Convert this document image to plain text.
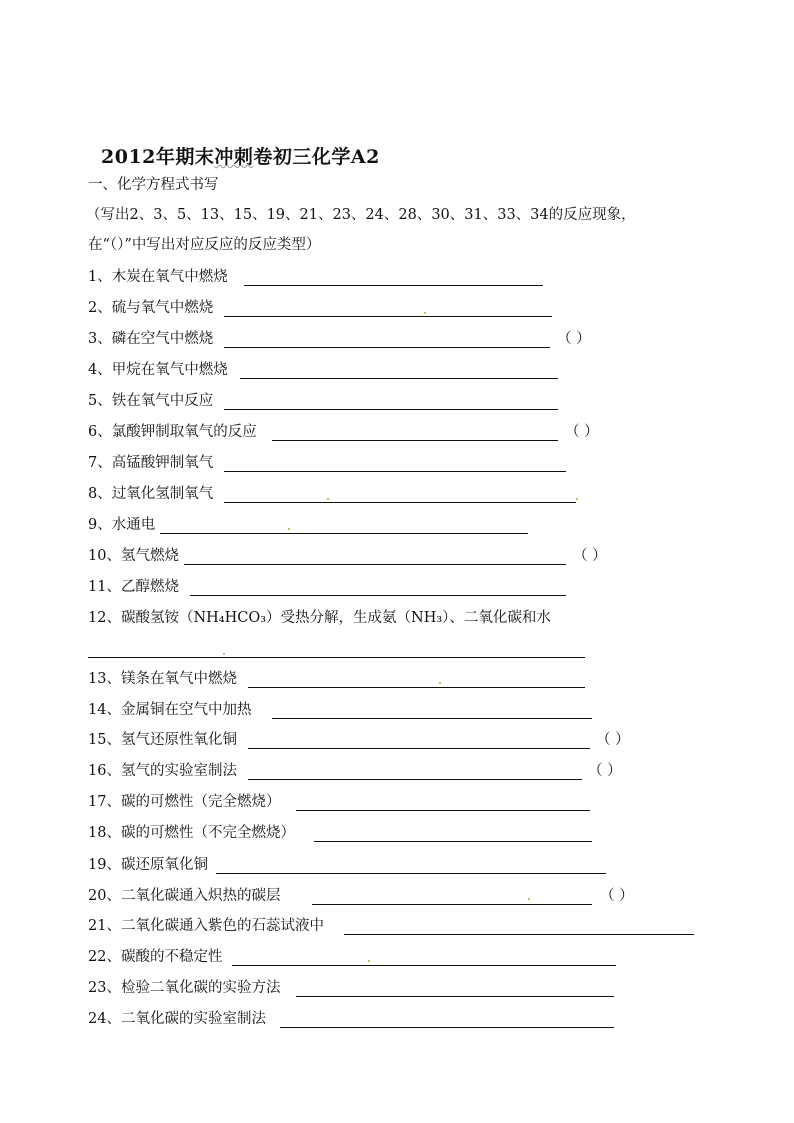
2012年期末冲刺卷初三化学A2
一、化学方程式书写
（写出2、3、5、13、15、19、21、23、24、28、30、31、33、34的反应现象，
在“（）”中写出对应反应的反应类型）
1、木炭在氧气中燃烧
2、硫与氧气中燃烧
3、磷在空气中燃烧	（ ）
4、甲烷在氧气中燃烧
5、铁在氧气中反应
6、氯酸钾制取氧气的反应	（ ）
7、高锰酸钾制氧气
8、过氧化氢制氧气
9、水通电
10、氢气燃烧	（ ）
11、乙醇燃烧
12、碳酸氢铵（NH₄HCO₃）受热分解，生成氨（NH₃）、二氧化碳和水
13、镁条在氧气中燃烧
14、金属铜在空气中加热
15、氢气还原性氧化铜	（ ）
16、氢气的实验室制法	（ ）
17、碳的可燃性（完全燃烧）
18、碳的可燃性（不完全燃烧）
19、碳还原氧化铜
20、二氧化碳通入炽热的碳层	（ ）
21、二氧化碳通入紫色的石蕊试液中
22、碳酸的不稳定性
23、检验二氧化碳的实验方法
24、二氧化碳的实验室制法
